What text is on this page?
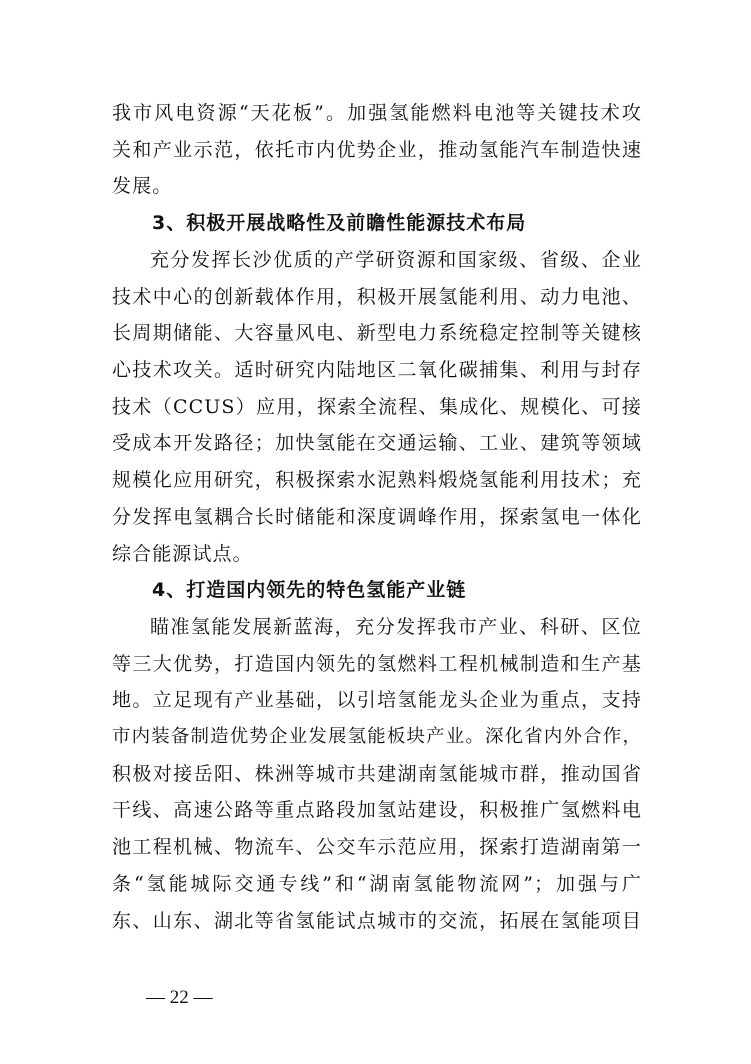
我市风电资源“天花板”。加强氢能燃料电池等关键技术攻
关和产业示范，依托市内优势企业，推动氢能汽车制造快速
发展。
3、积极开展战略性及前瞻性能源技术布局
充分发挥长沙优质的产学研资源和国家级、省级、企业
技术中心的创新载体作用，积极开展氢能利用、动力电池、
长周期储能、大容量风电、新型电力系统稳定控制等关键核
心技术攻关。适时研究内陆地区二氧化碳捕集、利用与封存
技术（CCUS）应用，探索全流程、集成化、规模化、可接
受成本开发路径；加快氢能在交通运输、工业、建筑等领域
规模化应用研究，积极探索水泥熟料煅烧氢能利用技术；充
分发挥电氢耦合长时储能和深度调峰作用，探索氢电一体化
综合能源试点。
4、打造国内领先的特色氢能产业链
瞄准氢能发展新蓝海，充分发挥我市产业、科研、区位
等三大优势，打造国内领先的氢燃料工程机械制造和生产基
地。立足现有产业基础，以引培氢能龙头企业为重点，支持
市内装备制造优势企业发展氢能板块产业。深化省内外合作，
积极对接岳阳、株洲等城市共建湖南氢能城市群，推动国省
干线、高速公路等重点路段加氢站建设，积极推广氢燃料电
池工程机械、物流车、公交车示范应用，探索打造湖南第一
条“氢能城际交通专线”和“湖南氢能物流网”；加强与广
东、山东、湖北等省氢能试点城市的交流，拓展在氢能项目
— 22 —
